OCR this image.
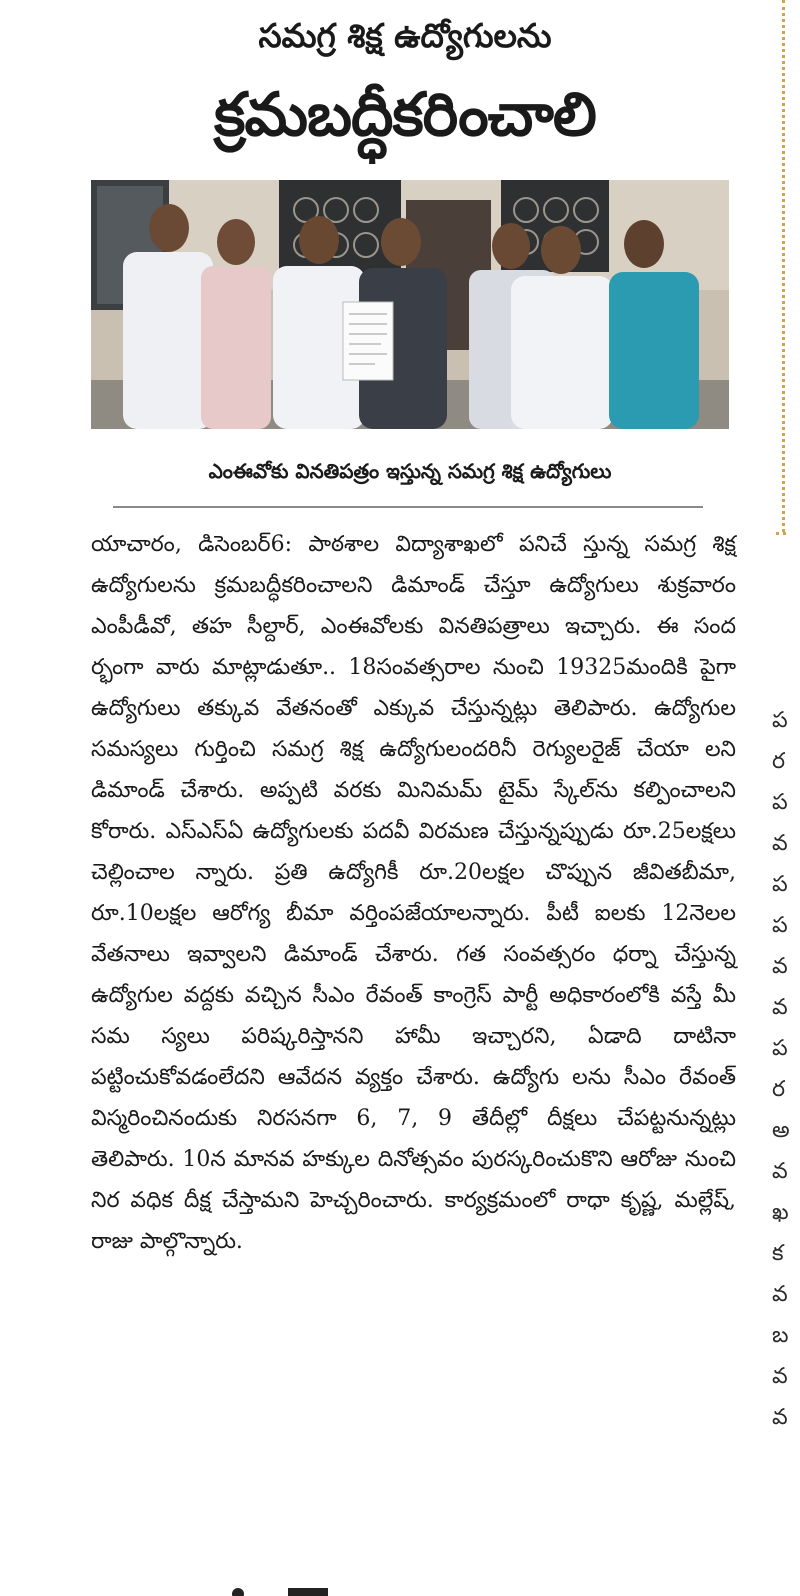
సమగ్ర శిక్ష ఉద్యోగులను
క్రమబద్ధీకరించాలి
ఎంఈవోకు వినతిపత్రం ఇస్తున్న సమగ్ర శిక్ష ఉద్యోగులు

యాచారం, డిసెంబర్6: పాఠశాల విద్యాశాఖలో పనిచే స్తున్న సమగ్ర శిక్ష ఉద్యోగులను క్రమబద్ధీకరించాలని డిమాండ్ చేస్తూ ఉద్యోగులు శుక్రవారం ఎంపీడీవో, తహ సీల్దార్, ఎంఈవోలకు వినతిపత్రాలు ఇచ్చారు. ఈ సంద ర్భంగా వారు మాట్లాడుతూ.. 18సంవత్సరాల నుంచి 19325మందికి పైగా ఉద్యోగులు తక్కువ వేతనంతో ఎక్కువ చేస్తున్నట్లు తెలిపారు. ఉద్యోగుల సమస్యలు గుర్తించి సమగ్ర శిక్ష ఉద్యోగులందరినీ రెగ్యులరైజ్ చేయా లని డిమాండ్ చేశారు. అప్పటి వరకు మినిమమ్ టైమ్ స్కేల్‌ను కల్పించాలని కోరారు. ఎస్ఎస్ఏ ఉద్యోగులకు పదవీ విరమణ చేస్తున్నప్పుడు రూ.25లక్షలు చెల్లించాల న్నారు. ప్రతి ఉద్యోగికీ రూ.20లక్షల చొప్పున జీవితబీమా, రూ.10లక్షల ఆరోగ్య బీమా వర్తింపజేయాలన్నారు. పీటీ ఐలకు 12నెలల వేతనాలు ఇవ్వాలని డిమాండ్ చేశారు. గత సంవత్సరం ధర్నా చేస్తున్న ఉద్యోగుల వద్దకు వచ్చిన సీఎం రేవంత్ కాంగ్రెస్ పార్టీ అధికారంలోకి వస్తే మీ సమ స్యలు పరిష్కరిస్తానని హామీ ఇచ్చారని, ఏడాది దాటినా పట్టించుకోవడంలేదని ఆవేదన వ్యక్తం చేశారు. ఉద్యోగు లను సీఎం రేవంత్ విస్మరించినందుకు నిరసనగా 6, 7, 9 తేదీల్లో దీక్షలు చేపట్టనున్నట్లు తెలిపారు. 10న మానవ హక్కుల దినోత్సవం పురస్కరించుకొని ఆరోజు నుంచి నిర వధిక దీక్ష చేస్తామని హెచ్చరించారు. కార్యక్రమంలో రాధా కృష్ణ, మల్లేష్, రాజు పాల్గొన్నారు.

ప
ర
ప
వ
ప
ప
వ
వ
ప
ర
అ
వ
ఖ
క
వ
బ
వ
వ
